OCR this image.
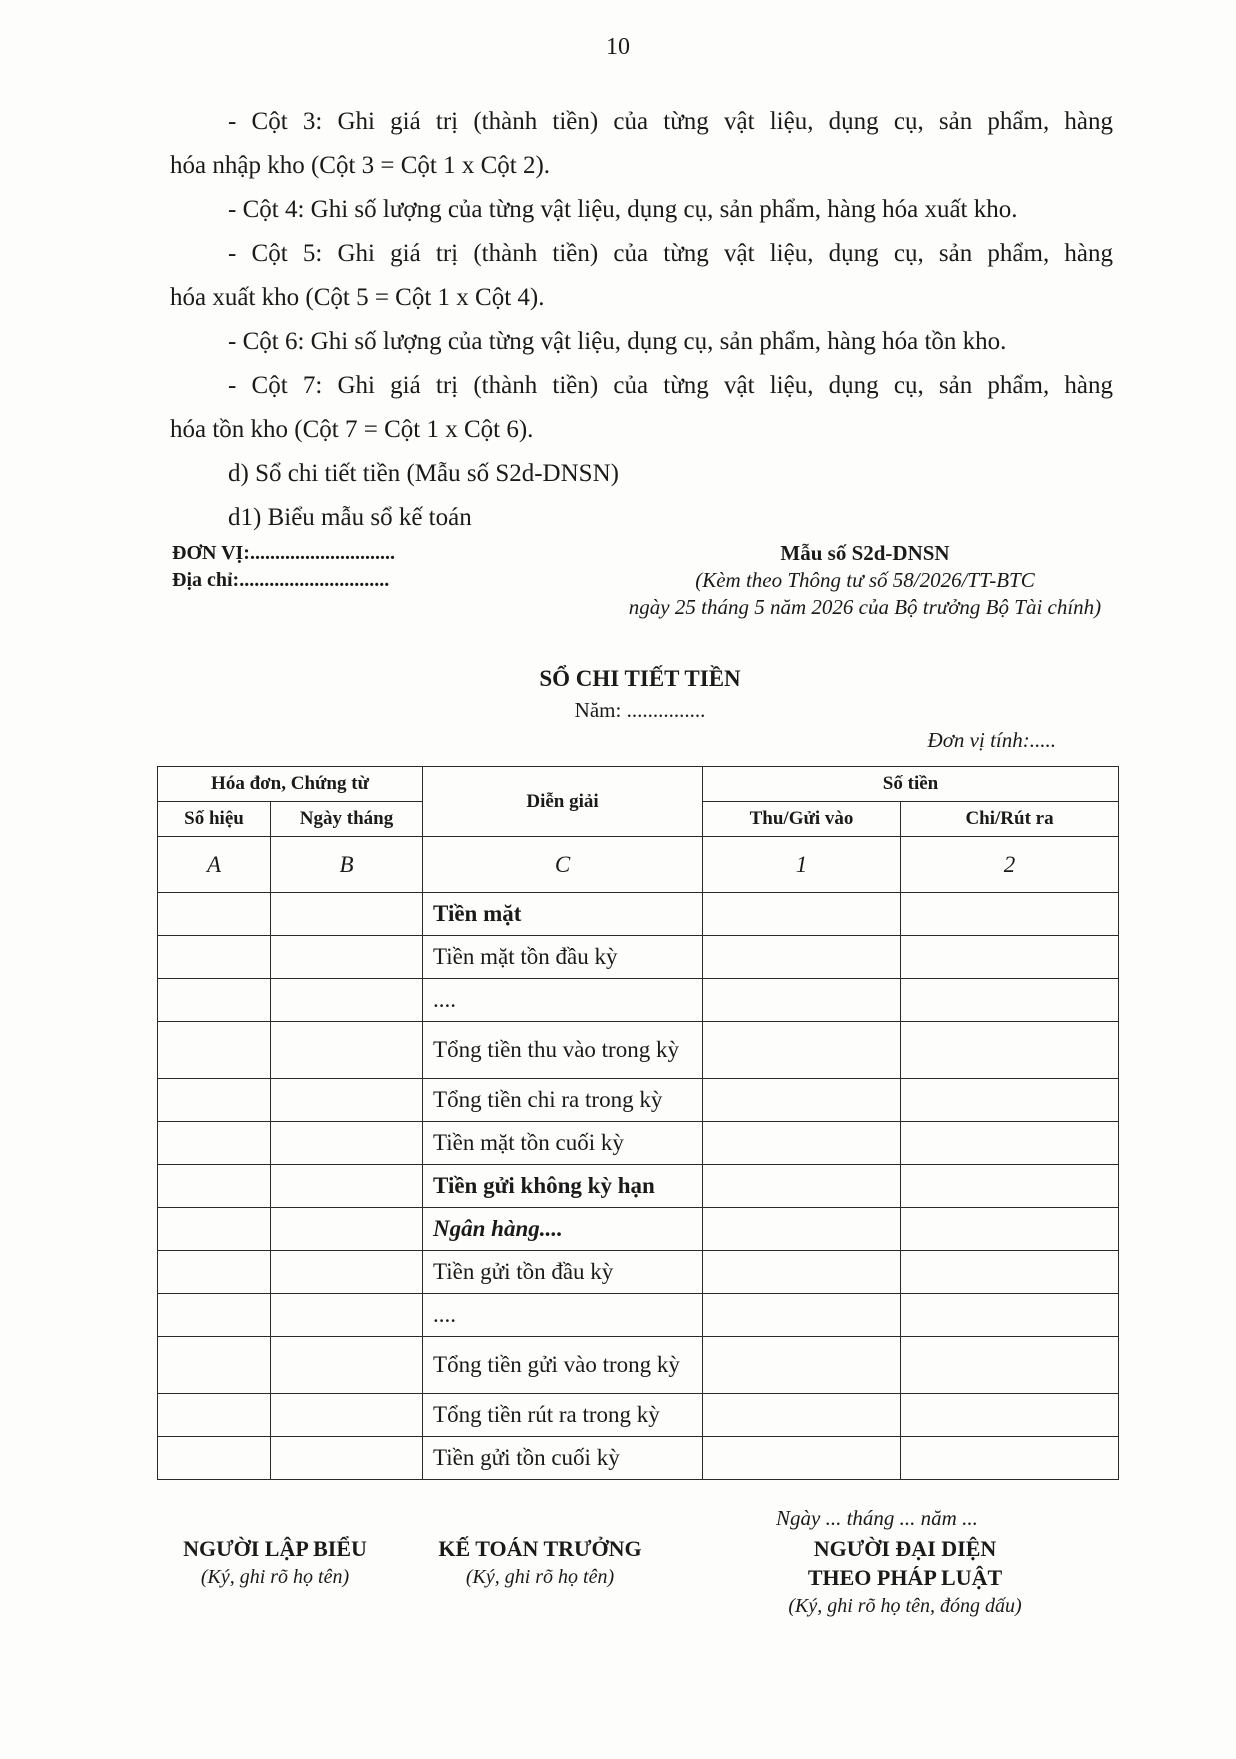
10

- Cột 3: Ghi giá trị (thành tiền) của từng vật liệu, dụng cụ, sản phẩm, hàng
hóa nhập kho (Cột 3 = Cột 1 x Cột 2).

- Cột 4: Ghi số lượng của từng vật liệu, dụng cụ, sản phẩm, hàng hóa xuất kho.

- Cột 5: Ghi giá trị (thành tiền) của từng vật liệu, dụng cụ, sản phẩm, hàng
hóa xuất kho (Cột 5 = Cột 1 x Cột 4).

- Cột 6: Ghi số lượng của từng vật liệu, dụng cụ, sản phẩm, hàng hóa tồn kho.

- Cột 7: Ghi giá trị (thành tiền) của từng vật liệu, dụng cụ, sản phẩm, hàng
hóa tồn kho (Cột 7 = Cột 1 x Cột 6).

d) Sổ chi tiết tiền (Mẫu số S2d-DNSN)

d1) Biểu mẫu sổ kế toán

ĐƠN VỊ:.............................
Địa chỉ:..............................
Mẫu số S2d-DNSN
(Kèm theo Thông tư số 58/2026/TT-BTC
ngày 25 tháng 5 năm 2026 của Bộ trưởng Bộ Tài chính)
SỔ CHI TIẾT TIỀN
Năm: ...............
Đơn vị tính:.....
Hóa đơn, Chứng từ		Diễn giải	Số tiền	
Số hiệu	Ngày tháng		Thu/Gửi vào	Chi/Rút ra
A	B	C	1	2
		Tiền mặt		
		Tiền mặt tồn đầu kỳ		
		....		
		Tổng tiền thu vào trong kỳ		
		Tổng tiền chi ra trong kỳ		
		Tiền mặt tồn cuối kỳ		
		Tiền gửi không kỳ hạn		
		Ngân hàng....		
		Tiền gửi tồn đầu kỳ		
		....		
		Tổng tiền gửi vào trong kỳ		
		Tổng tiền rút ra trong kỳ		
		Tiền gửi tồn cuối kỳ		
Ngày ... tháng ... năm ...
NGƯỜI LẬP BIỂU
(Ký, ghi rõ họ tên)
KẾ TOÁN TRƯỞNG
(Ký, ghi rõ họ tên)
NGƯỜI ĐẠI DIỆN
THEO PHÁP LUẬT
(Ký, ghi rõ họ tên, đóng dấu)
